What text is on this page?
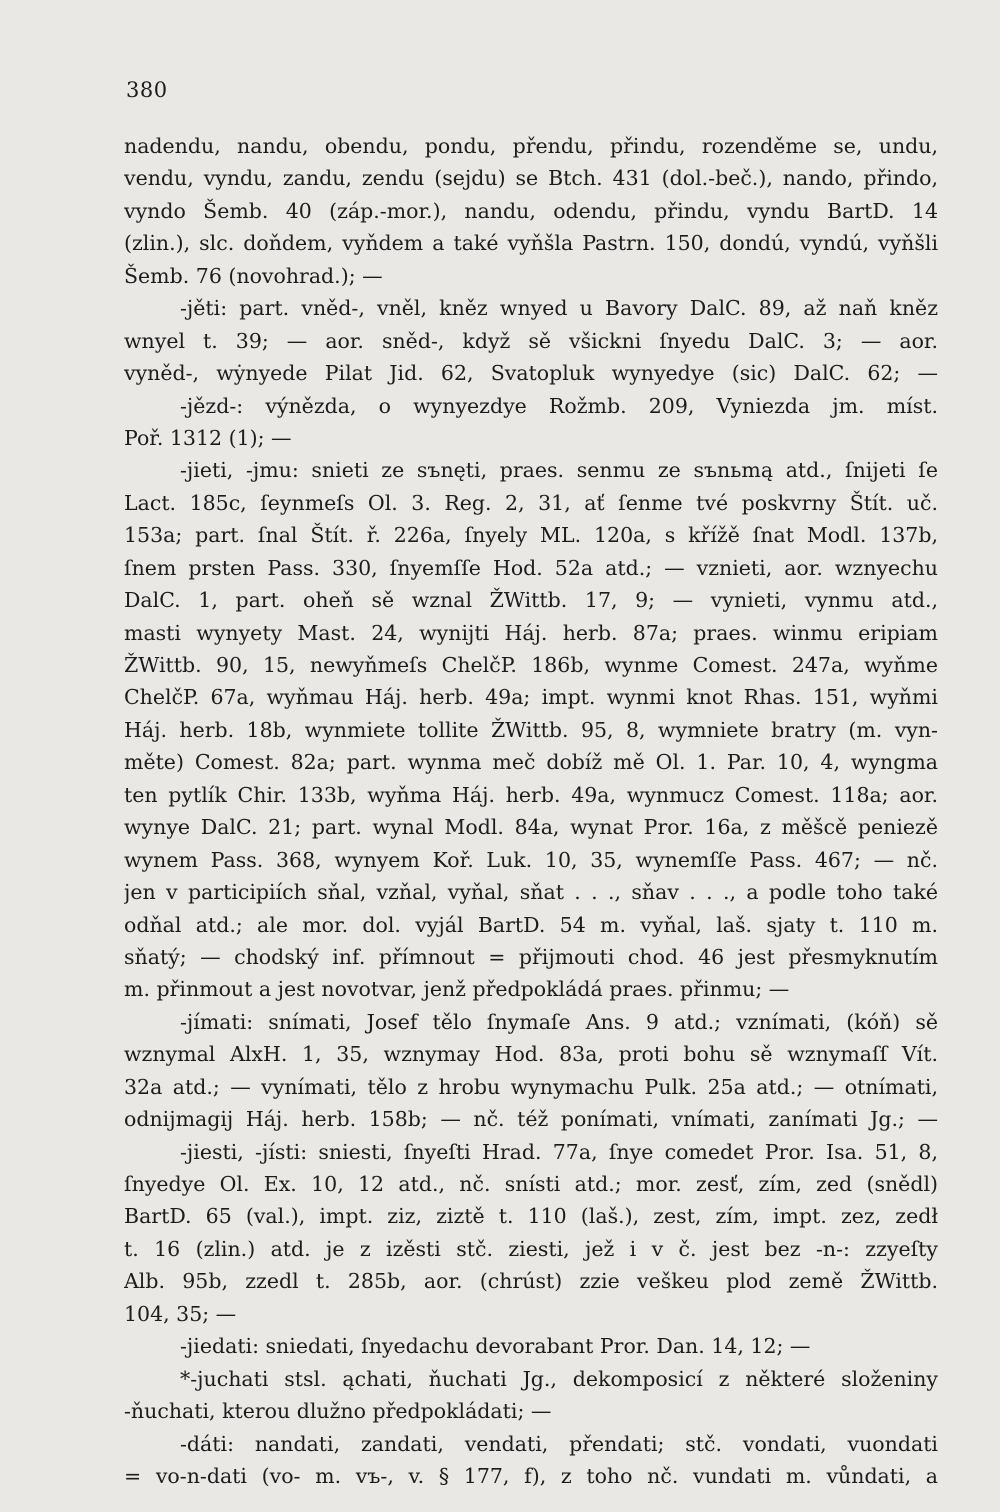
380
nadendu, nandu, obendu, pondu, přendu, přindu, rozenděme se, undu,
vendu, vyndu, zandu, zendu (sejdu) se Btch. 431 (dol.-beč.), nando, přindo,
vyndo Šemb. 40 (záp.-mor.), nandu, odendu, přindu, vyndu BartD. 14
(zlin.), slc. doňdem, vyňdem a také vyňšla Pastrn. 150, dondú, vyndú, vyňšli
Šemb. 76 (novohrad.); —
-jěti: part. vněd-, vněl, kněz wnyed u Bavory DalC. 89, až naň kněz
wnyel t. 39; — aor. sněd-, když sě všickni ſnyedu DalC. 3; — aor.
vyněd-, wẏnyede Pilat Jid. 62, Svatopluk wynyedye (sic) DalC. 62; —
-jězd-: výnězda, o wynyezdye Rožmb. 209, Vyniezda jm. míst.
Poř. 1312 (1); —
-jieti, -jmu: snieti ze sъnęti, praes. senmu ze sъnьmą atd., ſnijeti ſe
Lact. 185c, ſeynmeſs Ol. 3. Reg. 2, 31, ať ſenme tvé poskvrny Štít. uč.
153a; part. ſnal Štít. ř. 226a, ſnyely ML. 120a, s křížě ſnat Modl. 137b,
ſnem prsten Pass. 330, ſnyemſſe Hod. 52a atd.; — vznieti, aor. wznyechu
DalC. 1, part. oheň sě wznal ŽWittb. 17, 9; — vynieti, vynmu atd.,
masti wynyety Mast. 24, wynijti Háj. herb. 87a; praes. winmu eripiam
ŽWittb. 90, 15, newyňmeſs ChelčP. 186b, wynme Comest. 247a, wyňme
ChelčP. 67a, wyňmau Háj. herb. 49a; impt. wynmi knot Rhas. 151, wyňmi
Háj. herb. 18b, wynmiete tollite ŽWittb. 95, 8, wymniete bratry (m. vyn-
měte) Comest. 82a; part. wynma meč dobíž mě Ol. 1. Par. 10, 4, wyngma
ten pytlík Chir. 133b, wyňma Háj. herb. 49a, wynmucz Comest. 118a; aor.
wynye DalC. 21; part. wynal Modl. 84a, wynat Pror. 16a, z měšcě peniezě
wynem Pass. 368, wynyem Koř. Luk. 10, 35, wynemſſe Pass. 467; — nč.
jen v participiích sňal, vzňal, vyňal, sňat . . ., sňav . . ., a podle toho také
odňal atd.; ale mor. dol. vyjál BartD. 54 m. vyňal, laš. sjaty t. 110 m.
sňatý; — chodský inf. přímnout = přijmouti chod. 46 jest přesmyknutím
m. přinmout a jest novotvar, jenž předpokládá praes. přinmu; —
-jímati: snímati, Josef tělo ſnymaſe Ans. 9 atd.; vznímati, (kóň) sě
wznymal AlxH. 1, 35, wznymay Hod. 83a, proti bohu sě wznymaſſ Vít.
32a atd.; — vynímati, tělo z hrobu wynymachu Pulk. 25a atd.; — otnímati,
odnijmagij Háj. herb. 158b; — nč. též ponímati, vnímati, zanímati Jg.; —
-jiesti, -jísti: sniesti, ſnyeſti Hrad. 77a, ſnye comedet Pror. Isa. 51, 8,
ſnyedye Ol. Ex. 10, 12 atd., nč. snísti atd.; mor. zesť, zím, zed (snědl)
BartD. 65 (val.), impt. ziz, ziztě t. 110 (laš.), zest, zím, impt. zez, zedł
t. 16 (zlin.) atd. je z izěsti stč. ziesti, jež i v č. jest bez -n-: zzyeſty
Alb. 95b, zzedl t. 285b, aor. (chrúst) zzie veškeu plod země ŽWittb.
104, 35; —
-jiedati: sniedati, ſnyedachu devorabant Pror. Dan. 14, 12; —
*-juchati stsl. ąchati, ňuchati Jg., dekomposicí z některé složeniny
-ňuchati, kterou dlužno předpokládati; —
-dáti: nandati, zandati, vendati, přendati; stč. vondati, vuondati
= vo-n-dati (vo- m. vъ-, v. § 177, f), z toho nč. vundati m. vůndati, a
